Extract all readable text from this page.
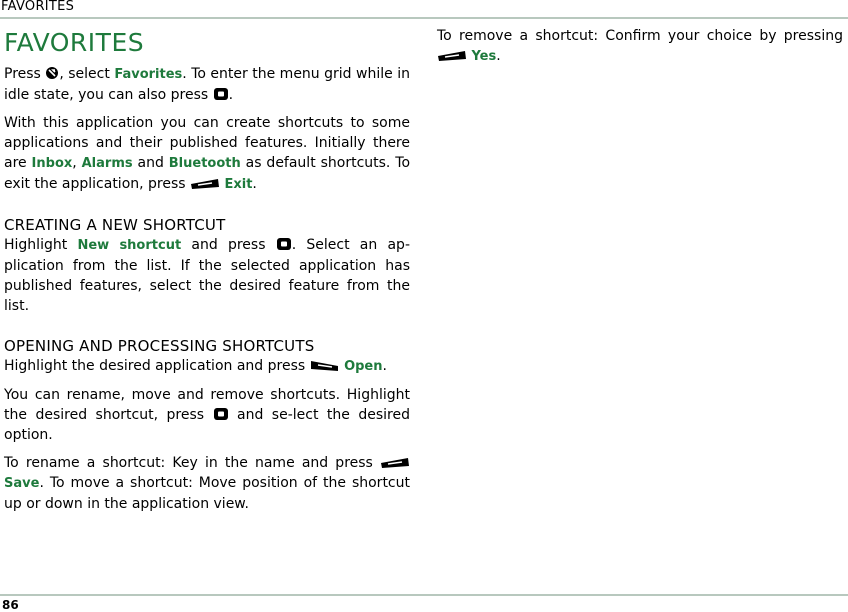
FAVORITES
FAVORITES

Press , select Favorites. To enter the menu grid while in idle state, you can also press .

With this application you can create shortcuts to some applications and their published features. Initially there are Inbox, Alarms and Bluetooth as default shortcuts. To exit the application, press	Exit.

CREATING A NEW SHORTCUT

Highlight New shortcut and press . Select an ap-plication from the list. If the selected application has published features, select the desired feature from the list.

OPENING AND PROCESSING SHORTCUTS

Highlight the desired application and press	Open.

You can rename, move and remove shortcuts. Highlight the desired shortcut, press  and se-lect the desired option.

To rename a shortcut: Key in the name and press  Save. To move a shortcut: Move position of the shortcut up or down in the application view.

To remove a shortcut: Confirm your choice by pressing  Yes.

86
